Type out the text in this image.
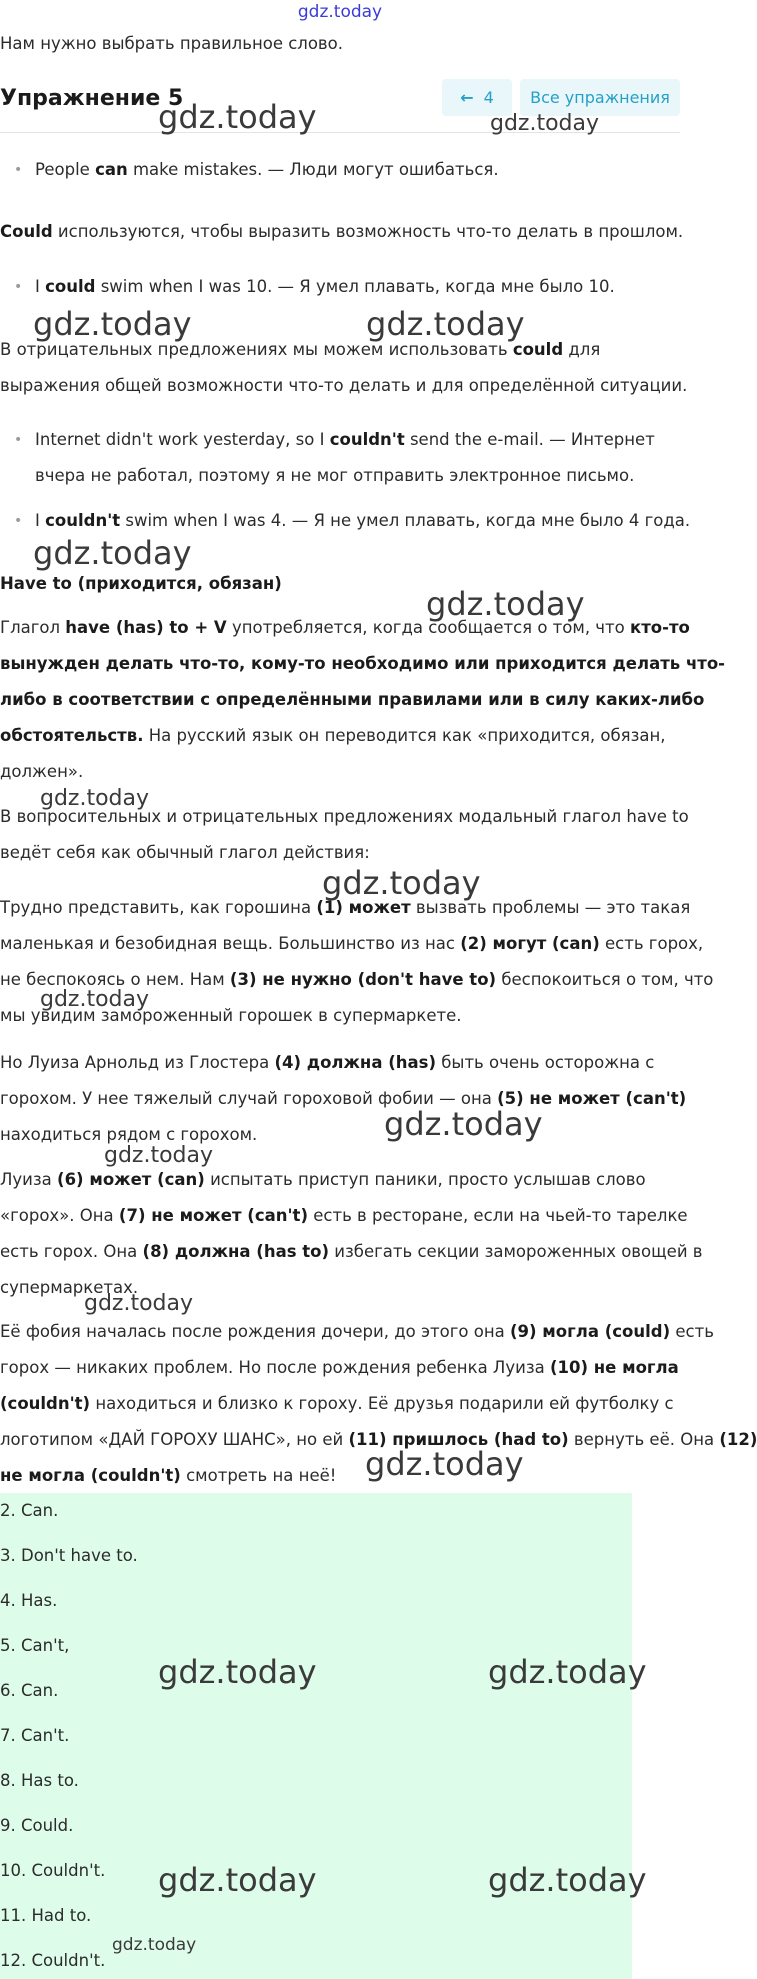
gdz.today
Нам нужно выбрать правильное слово.
Упражнение 5	← 4 Все упражнения
• People can make mistakes. — Люди могут ошибаться.
Could используются, чтобы выразить возможность что-то делать в прошлом.
• I could swim when I was 10. — Я умел плавать, когда мне было 10.
В отрицательных предложениях мы можем использовать could для
выражения общей возможности что-то делать и для определённой ситуации.
• Internet didn't work yesterday, so I couldn't send the e-mail. — Интернет
вчера не работал, поэтому я не мог отправить электронное письмо.
• I couldn't swim when I was 4. — Я не умел плавать, когда мне было 4 года.
Have to (приходится, обязан)
Глагол have (has) to + V употребляется, когда сообщается о том, что кто-то
вынужден делать что-то, кому-то необходимо или приходится делать что-
либо в соответствии с определёнными правилами или в силу каких-либо
обстоятельств. На русский язык он переводится как «приходится, обязан,
должен».
В вопросительных и отрицательных предложениях модальный глагол have to
ведёт себя как обычный глагол действия:
Трудно представить, как горошина (1) может вызвать проблемы — это такая
маленькая и безобидная вещь. Большинство из нас (2) могут (can) есть горох,
не беспокоясь о нем. Нам (3) не нужно (don't have to) беспокоиться о том, что
мы увидим замороженный горошек в супермаркете.
Но Луиза Арнольд из Глостера (4) должна (has) быть очень осторожна с
горохом. У нее тяжелый случай гороховой фобии — она (5) не может (can't)
находиться рядом с горохом.
Луиза (6) может (can) испытать приступ паники, просто услышав слово
«горох». Она (7) не может (can't) есть в ресторане, если на чьей-то тарелке
есть горох. Она (8) должна (has to) избегать секции замороженных овощей в
супермаркетах.
Её фобия началась после рождения дочери, до этого она (9) могла (could) есть
горох — никаких проблем. Но после рождения ребенка Луиза (10) не могла
(couldn't) находиться и близко к гороху. Её друзья подарили ей футболку с
логотипом «ДАЙ ГОРОХУ ШАНС», но ей (11) пришлось (had to) вернуть её. Она (12)
не могла (couldn't) смотреть на неё!
2. Can.
3. Don't have to.
4. Has.
5. Can't,
6. Can.
7. Can't.
8. Has to.
9. Could.
10. Couldn't.
11. Had to.
12. Couldn't.
gdz.today	gdz.today
gdz.today	gdz.today
gdz.today
gdz.today
gdz.today
gdz.today
gdz.today
gdz.today
gdz.today
gdz.today
gdz.today
gdz.today	gdz.today
gdz.today
gdz.today	gdz.today
